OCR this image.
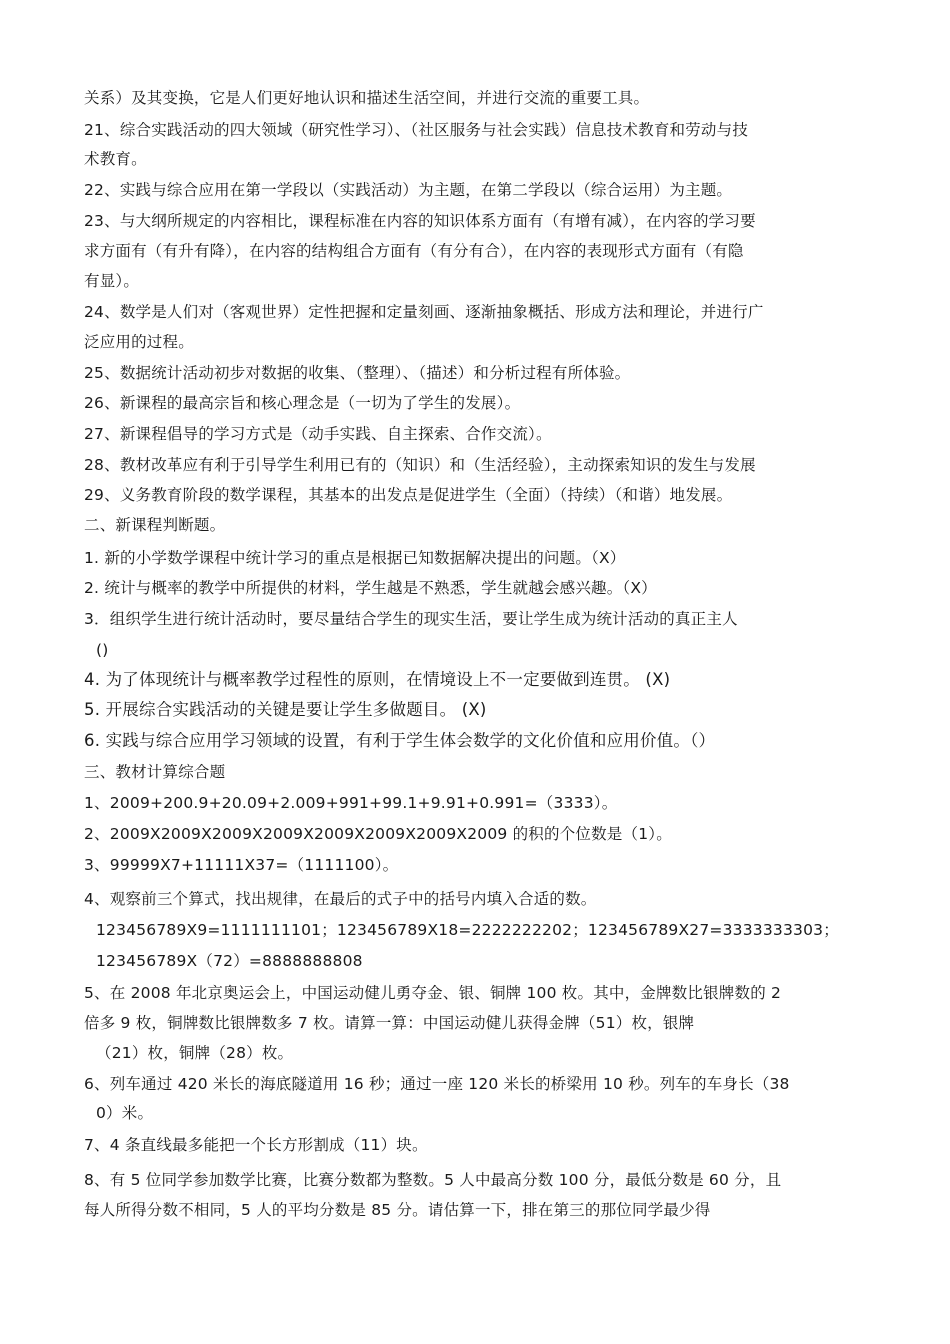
关系）及其变换，它是人们更好地认识和描述生活空间，并进行交流的重要工具。
21、综合实践活动的四大领域（研究性学习）、（社区服务与社会实践）信息技术教育和劳动与技
术教育。
22、实践与综合应用在第一学段以（实践活动）为主题，在第二学段以（综合运用）为主题。
23、与大纲所规定的内容相比，课程标准在内容的知识体系方面有（有增有减），在内容的学习要
求方面有（有升有降），在内容的结构组合方面有（有分有合），在内容的表现形式方面有（有隐
有显）。
24、数学是人们对（客观世界）定性把握和定量刻画、逐渐抽象概括、形成方法和理论，并进行广
泛应用的过程。
25、数据统计活动初步对数据的收集、（整理）、（描述）和分析过程有所体验。
26、新课程的最高宗旨和核心理念是（一切为了学生的发展）。
27、新课程倡导的学习方式是（动手实践、自主探索、合作交流）。
28、教材改革应有利于引导学生利用已有的（知识）和（生活经验），主动探索知识的发生与发展
29、义务教育阶段的数学课程，其基本的出发点是促进学生（全面）（持续）（和谐）地发展。
二、新课程判断题。
1. 新的小学数学课程中统计学习的重点是根据已知数据解决提出的问题。（X）
2. 统计与概率的教学中所提供的材料，学生越是不熟悉，学生就越会感兴趣。（X）
3．组织学生进行统计活动时，要尽量结合学生的现实生活，要让学生成为统计活动的真正主人
()
4. 为了体现统计与概率教学过程性的原则，在情境设上不一定要做到连贯。 (X)
5. 开展综合实践活动的关键是要让学生多做题目。 (X)
6. 实践与综合应用学习领域的设置，有利于学生体会数学的文化价值和应用价值。（）
三、教材计算综合题
1、2009+200.9+20.09+2.009+991+99.1+9.91+0.991=（3333）。
2、2009X2009X2009X2009X2009X2009X2009X2009 的积的个位数是（1）。
3、99999X7+11111X37=（1111100）。
4、观察前三个算式，找出规律，在最后的式子中的括号内填入合适的数。
123456789X9=1111111101；123456789X18=2222222202；123456789X27=3333333303；
123456789X（72）=8888888808
5、在 2008 年北京奥运会上，中国运动健儿勇夺金、银、铜牌 100 枚。其中，金牌数比银牌数的 2
倍多 9 枚，铜牌数比银牌数多 7 枚。请算一算：中国运动健儿获得金牌（51）枚，银牌
（21）枚，铜牌（28）枚。
6、列车通过 420 米长的海底隧道用 16 秒；通过一座 120 米长的桥梁用 10 秒。列车的车身长（38
0）米。
7、4 条直线最多能把一个长方形割成（11）块。
8、有 5 位同学参加数学比赛，比赛分数都为整数。5 人中最高分数 100 分，最低分数是 60 分，且
每人所得分数不相同，5 人的平均分数是 85 分。请估算一下，排在第三的那位同学最少得
